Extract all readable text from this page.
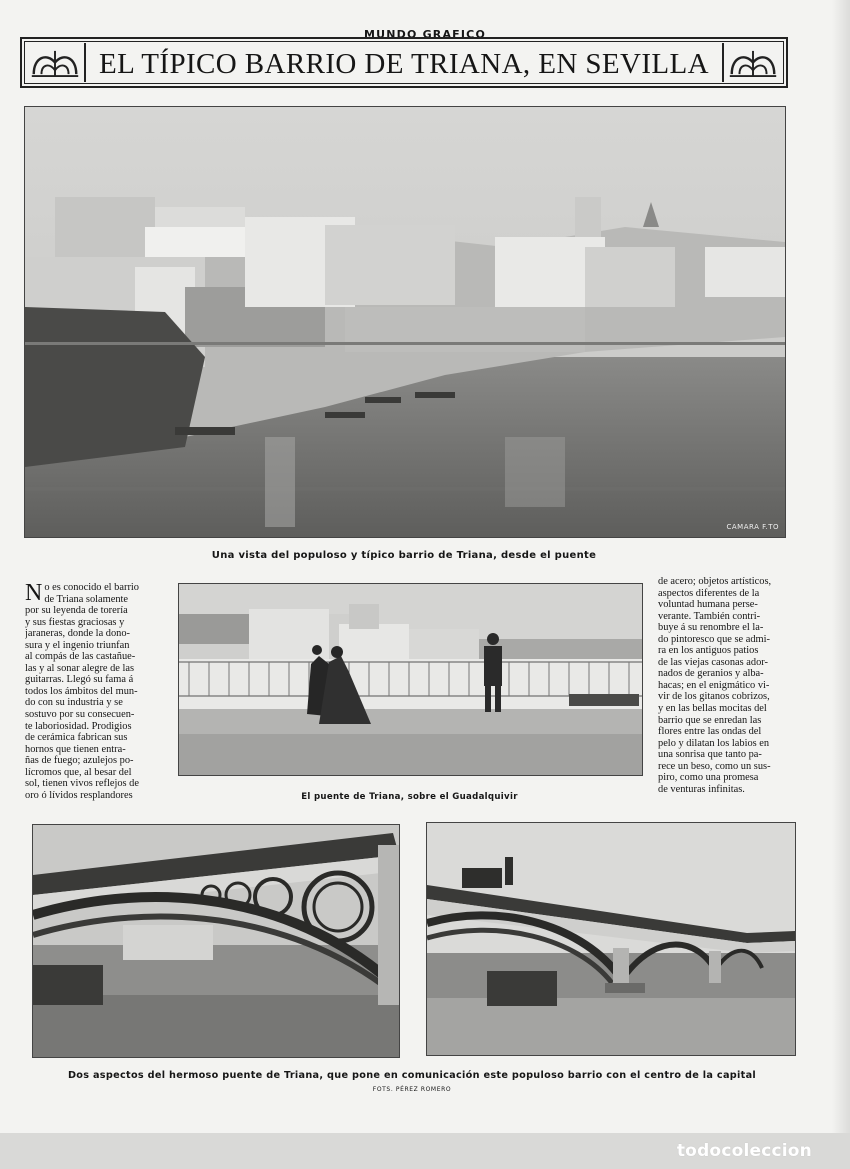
MUNDO GRAFICO
EL TÍPICO BARRIO DE TRIANA, EN SEVILLA
CAMARA F.TO
Una vista del populoso y típico barrio de Triana, desde el puente
N o es conocido el barrio
de Triana solamente
por su leyenda de torería
y sus fiestas graciosas y
jaraneras, donde la dono-
sura y el ingenio triunfan
al compás de las castañue-
las y al sonar alegre de las
guitarras. Llegó su fama á
todos los ámbitos del mun-
do con su industria y se
sostuvo por su consecuen-
te laboriosidad. Prodigios
de cerámica fabrican sus
hornos que tienen entra-
ñas de fuego; azulejos po-
lícromos que, al besar del
sol, tienen vivos reflejos de
oro ó lívidos resplandores	El puente de Triana, sobre el Guadalquivir
de acero; objetos artísticos,
aspectos diferentes de la
voluntad humana perse-
verante. También contri-
buye á su renombre el la-
do pintoresco que se admi-
ra en los antiguos patios
de las viejas casonas ador-
nados de geranios y alba-
hacas; en el enigmático vi-
vir de los gitanos cobrizos,
y en las bellas mocitas del
barrio que se enredan las
flores entre las ondas del
pelo y dilatan los labios en
una sonrisa que tanto pa-
rece un beso, como un sus-
piro, como una promesa
de venturas infinitas.
Dos aspectos del hermoso puente de Triana, que pone en comunicación este populoso barrio con el centro de la capital
FOTS. PÉREZ ROMERO
todocoleccion
